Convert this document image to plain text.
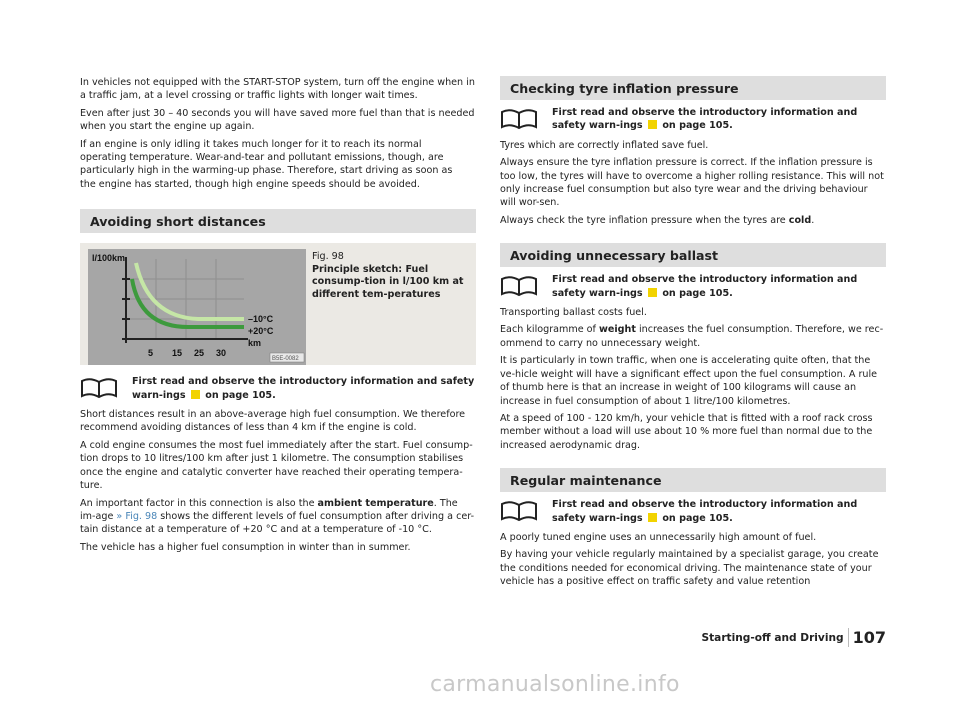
In vehicles not equipped with the START-STOP system, turn off the engine when in a traffic jam, at a level crossing or traffic lights with longer wait times.

Even after just 30 – 40 seconds you will have saved more fuel than that is needed when you start the engine up again.

If an engine is only idling it takes much longer for it to reach its normal operating temperature. Wear-and-tear and pollutant emissions, though, are particularly high in the warming-up phase. Therefore, start driving as soon as the engine has started, though high engine speeds should be avoided.

Avoiding short distances
l/100km
–10°C
+20°C
km
5 15 25 30
B5E-0082
Fig. 98
Principle sketch: Fuel consump-tion in l/100 km at different tem-peratures
First read and observe the introductory information and safety warn-ings on page 105.

Short distances result in an above-average high fuel consumption. We therefore recommend avoiding distances of less than 4 km if the engine is cold.

A cold engine consumes the most fuel immediately after the start. Fuel consump-tion drops to 10 litres/100 km after just 1 kilometre. The consumption stabilises once the engine and catalytic converter have reached their operating tempera-ture.

An important factor in this connection is also the ambient temperature. The im-age » Fig. 98 shows the different levels of fuel consumption after driving a cer-tain distance at a temperature of +20 °C and at a temperature of -10 °C.

The vehicle has a higher fuel consumption in winter than in summer.

Checking tyre inflation pressure
First read and observe the introductory information and safety warn-ings on page 105.

Tyres which are correctly inflated save fuel.

Always ensure the tyre inflation pressure is correct. If the inflation pressure is too low, the tyres will have to overcome a higher rolling resistance. This will not only increase fuel consumption but also tyre wear and the driving behaviour will wor-sen.

Always check the tyre inflation pressure when the tyres are cold.

Avoiding unnecessary ballast
First read and observe the introductory information and safety warn-ings on page 105.

Transporting ballast costs fuel.

Each kilogramme of weight increases the fuel consumption. Therefore, we rec-ommend to carry no unnecessary weight.

It is particularly in town traffic, when one is accelerating quite often, that the ve-hicle weight will have a significant effect upon the fuel consumption. A rule of thumb here is that an increase in weight of 100 kilograms will cause an increase in fuel consumption of about 1 litre/100 kilometres.

At a speed of 100 - 120 km/h, your vehicle that is fitted with a roof rack cross member without a load will use about 10 % more fuel than normal due to the increased aerodynamic drag.

Regular maintenance
First read and observe the introductory information and safety warn-ings on page 105.

A poorly tuned engine uses an unnecessarily high amount of fuel.

By having your vehicle regularly maintained by a specialist garage, you create the conditions needed for economical driving. The maintenance state of your vehicle has a positive effect on traffic safety and value retention

Starting-off and Driving 107
carmanualsonline.info
